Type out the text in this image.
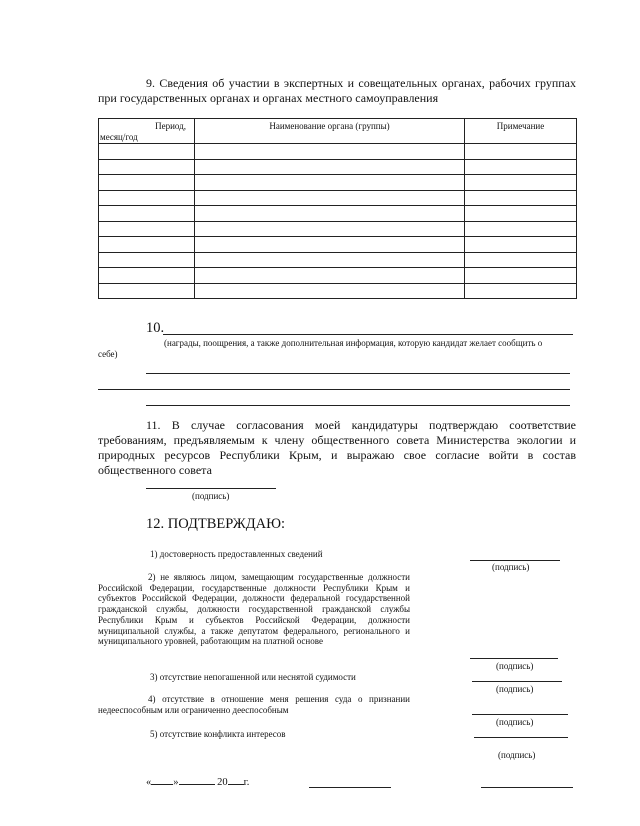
9. Сведения об участии в экспертных и совещательных органах, рабочих группах при государственных органах и органах местного самоуправления
Период,
месяц/год	Наименование органа (группы)	Примечание

10.
(награды, поощрения, а также дополнительная информация, которую кандидат желает сообщить о
себе)
11. В случае согласования моей кандидатуры подтверждаю соответствие требованиям, предъявляемым к члену общественного совета Министерства экологии и природных ресурсов Республики Крым, и выражаю свое согласие войти в состав общественного совета
(подпись)
12. ПОДТВЕРЖДАЮ:
1) достоверность предоставленных сведений
(подпись)
2) не являюсь лицом, замещающим государственные должности Российской Федерации, государственные должности Республики Крым и субъектов Российской Федерации, должности федеральной государственной гражданской службы, должности государственной гражданской службы Республики Крым и субъектов Российской Федерации, должности муниципальной службы, а также депутатом федерального, регионального и муниципального уровней, работающим на платной основе
(подпись)
3) отсутствие непогашенной или неснятой судимости
(подпись)
4) отсутствие в отношение меня решения суда о признании недееспособным или ограниченно дееспособным
(подпись)
5) отсутствие конфликта интересов
(подпись)
« »	20 г.
